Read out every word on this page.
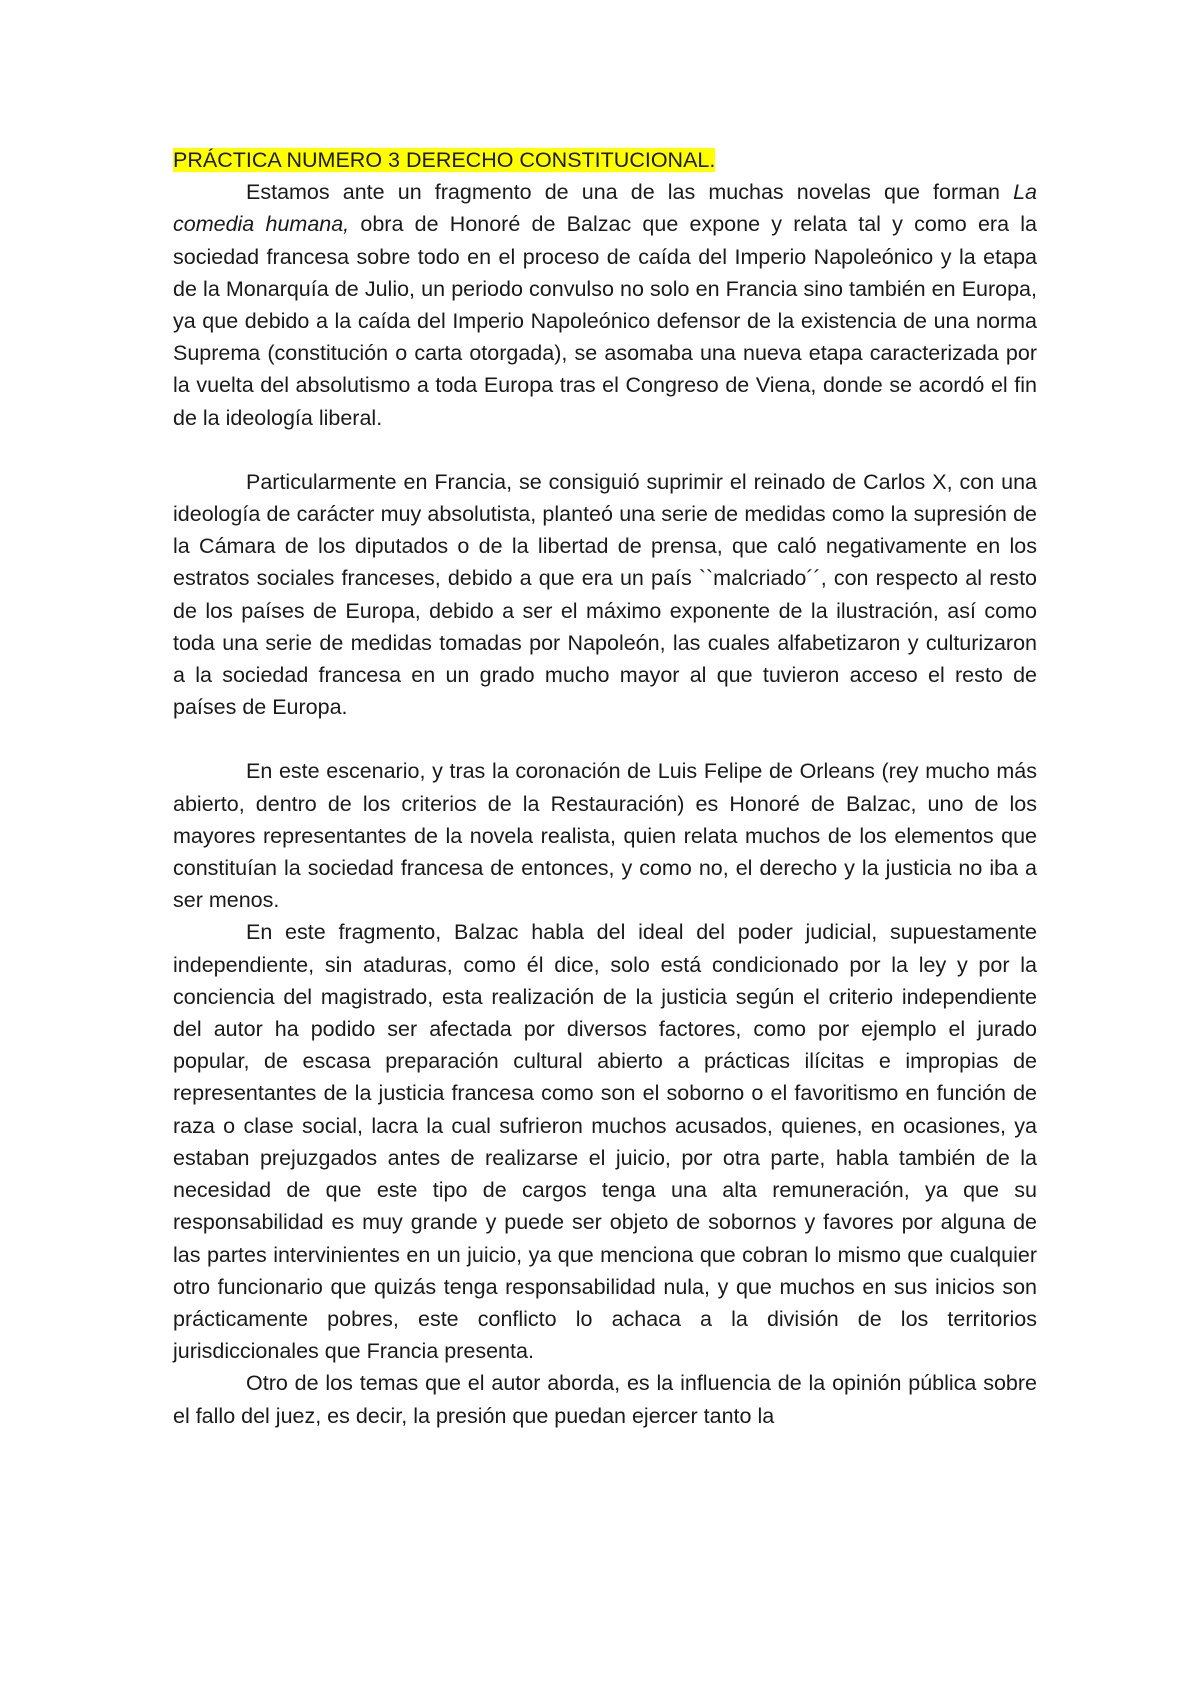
PRÁCTICA NUMERO 3 DERECHO CONSTITUCIONAL.

Estamos ante un fragmento de una de las muchas novelas que forman La comedia humana, obra de Honoré de Balzac que expone y relata tal y como era la sociedad francesa sobre todo en el proceso de caída del Imperio Napoleónico y la etapa de la Monarquía de Julio, un periodo convulso no solo en Francia sino también en Europa, ya que debido a la caída del Imperio Napoleónico defensor de la existencia de una norma Suprema (constitución o carta otorgada), se asomaba una nueva etapa caracterizada por la vuelta del absolutismo a toda Europa tras el Congreso de Viena, donde se acordó el fin de la ideología liberal.

Particularmente en Francia, se consiguió suprimir el reinado de Carlos X, con una ideología de carácter muy absolutista, planteó una serie de medidas como la supresión de la Cámara de los diputados o de la libertad de prensa, que caló negativamente en los estratos sociales franceses, debido a que era un país ``malcriado´´, con respecto al resto de los países de Europa, debido a ser el máximo exponente de la ilustración, así como toda una serie de medidas tomadas por Napoleón, las cuales alfabetizaron y culturizaron a la sociedad francesa en un grado mucho mayor al que tuvieron acceso el resto de países de Europa.

En este escenario, y tras la coronación de Luis Felipe de Orleans (rey mucho más abierto, dentro de los criterios de la Restauración) es Honoré de Balzac, uno de los mayores representantes de la novela realista, quien relata muchos de los elementos que constituían la sociedad francesa de entonces, y como no, el derecho y la justicia no iba a ser menos.

En este fragmento, Balzac habla del ideal del poder judicial, supuestamente independiente, sin ataduras, como él dice, solo está condicionado por la ley y por la conciencia del magistrado, esta realización de la justicia según el criterio independiente del autor ha podido ser afectada por diversos factores, como por ejemplo el jurado popular, de escasa preparación cultural abierto a prácticas ilícitas e impropias de representantes de la justicia francesa como son el soborno o el favoritismo en función de raza o clase social, lacra la cual sufrieron muchos acusados, quienes, en ocasiones, ya estaban prejuzgados antes de realizarse el juicio, por otra parte, habla también de la necesidad de que este tipo de cargos tenga una alta remuneración, ya que su responsabilidad es muy grande y puede ser objeto de sobornos y favores por alguna de las partes intervinientes en un juicio, ya que menciona que cobran lo mismo que cualquier otro funcionario que quizás tenga responsabilidad nula, y que muchos en sus inicios son prácticamente pobres, este conflicto lo achaca a la división de los territorios jurisdiccionales que Francia presenta.

Otro de los temas que el autor aborda, es la influencia de la opinión pública sobre el fallo del juez, es decir, la presión que puedan ejercer tanto la
